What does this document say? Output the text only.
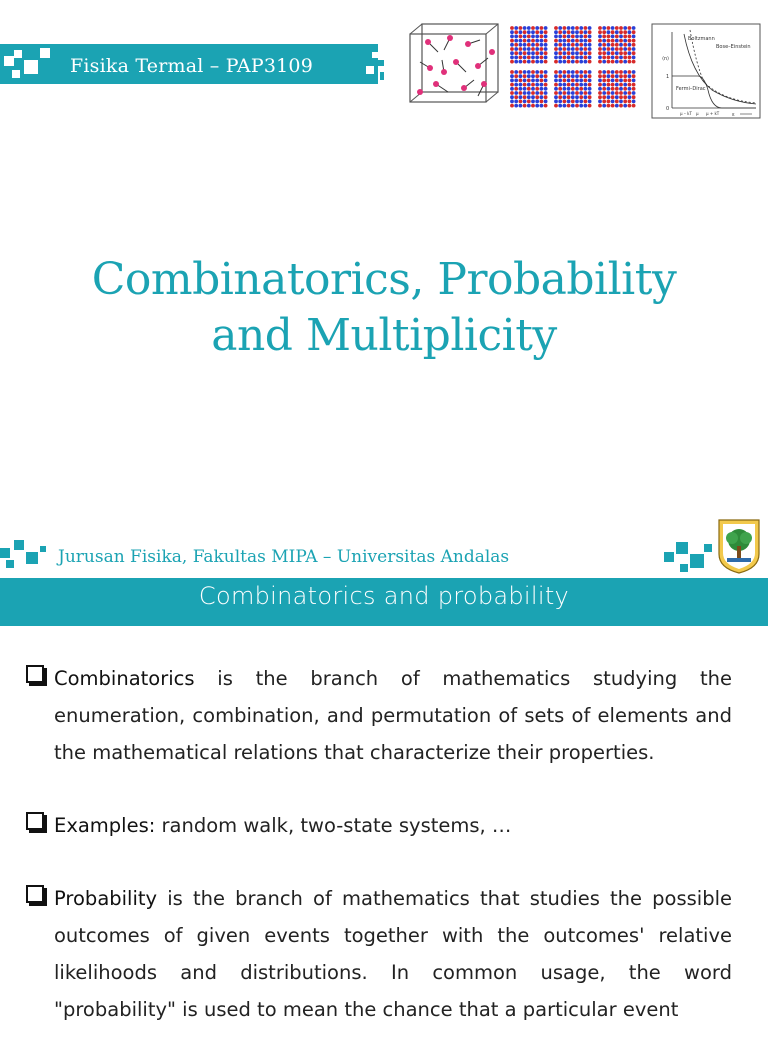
Fisika Termal – PAP3109
Boltzmann
Bose–Einstein
Fermi–Dirac
⟨n⟩
1
0
μ – kT μ μ + kT	ε
Combinatorics, Probability
and Multiplicity
Jurusan Fisika, Fakultas MIPA – Universitas Andalas
Combinatorics and probability
Combinatorics is the branch of mathematics studying the enumeration, combination, and permutation of sets of elements and the mathematical relations that characterize their properties.
Examples: random walk, two-state systems, …
Probability is the branch of mathematics that studies the possible outcomes of given events together with the outcomes' relative likelihoods and distributions. In common usage, the word "probability" is used to mean the chance that a particular event
